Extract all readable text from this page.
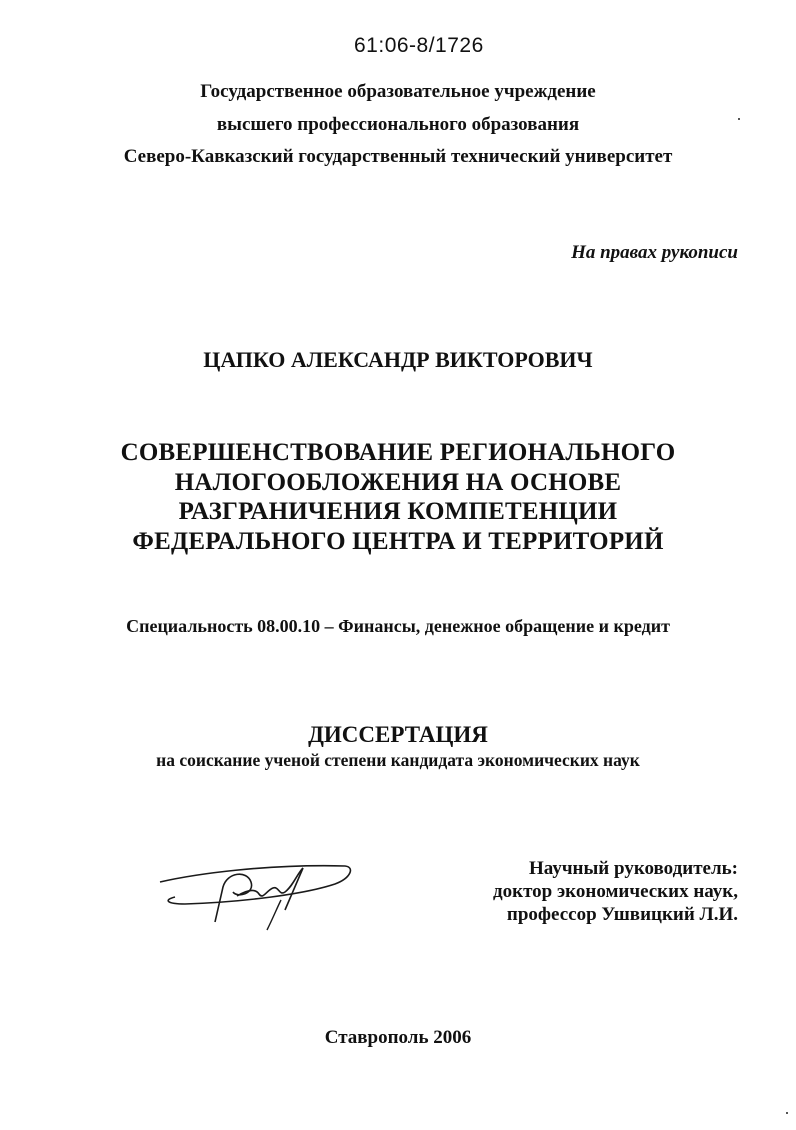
61:06-8/1726
Государственное образовательное учреждение
высшего профессионального образования
Северо-Кавказский государственный технический университет
На правах рукописи
ЦАПКО АЛЕКСАНДР ВИКТОРОВИЧ
СОВЕРШЕНСТВОВАНИЕ РЕГИОНАЛЬНОГО
НАЛОГООБЛОЖЕНИЯ НА ОСНОВЕ
РАЗГРАНИЧЕНИЯ КОМПЕТЕНЦИИ
ФЕДЕРАЛЬНОГО ЦЕНТРА И ТЕРРИТОРИЙ
Специальность 08.00.10 – Финансы, денежное обращение и кредит
ДИССЕРТАЦИЯ
на соискание ученой степени кандидата экономических наук
Научный руководитель:
доктор экономических наук,
профессор Ушвицкий Л.И.
Ставрополь 2006
